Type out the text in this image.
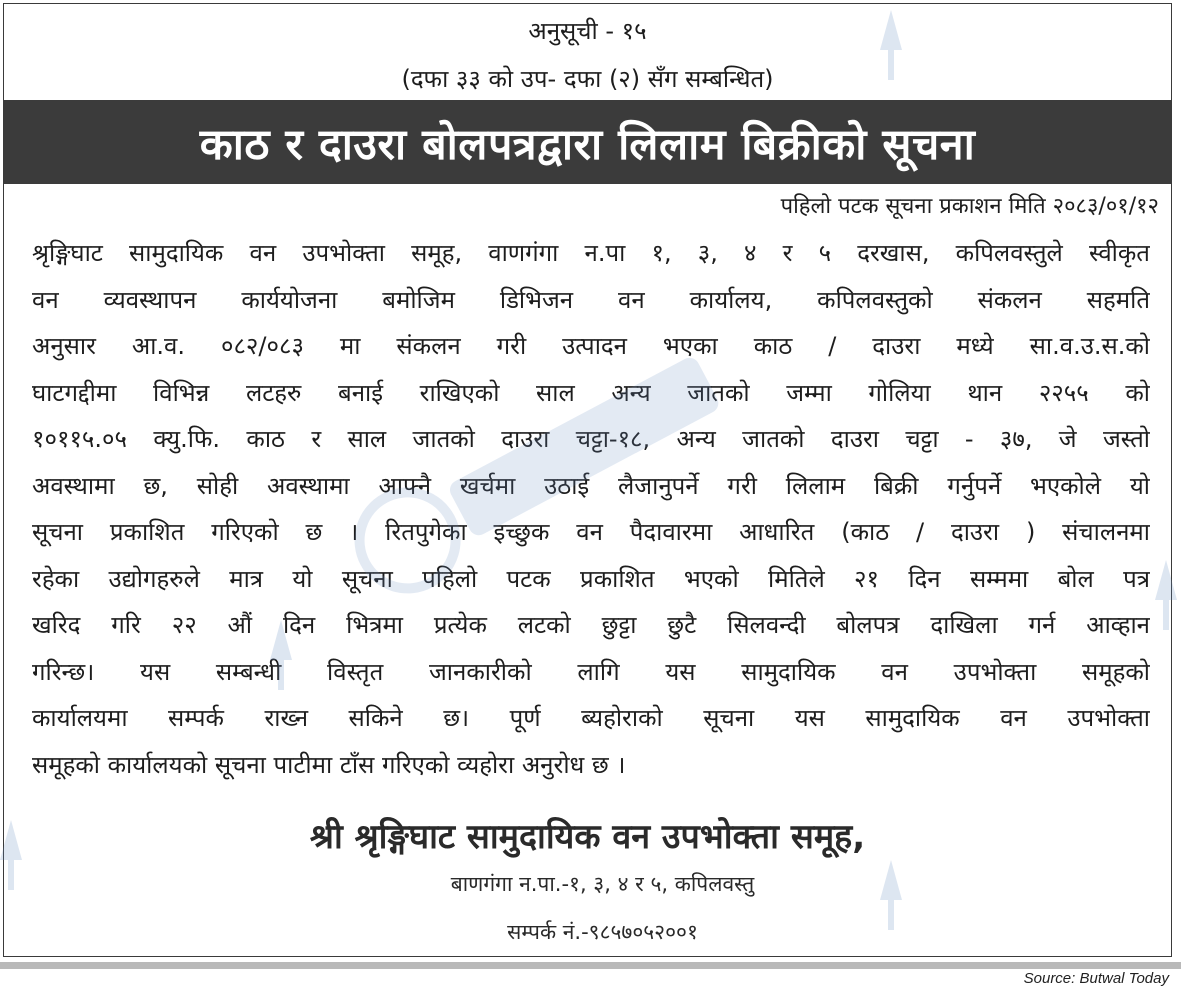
अनुसूची - १५
(दफा ३३ को उप- दफा (२) सँग सम्बन्धित)
काठ र दाउरा बोलपत्रद्वारा लिलाम बिक्रीको सूचना
पहिलो पटक सूचना प्रकाशन मिति २०८३/०१/१२
श्रृङ्गिघाट सामुदायिक वन उपभोक्ता समूह, वाणगंगा न.पा १, ३, ४ र ५ दरखास, कपिलवस्तुले स्वीकृत
वन व्यवस्थापन कार्ययोजना बमोजिम डिभिजन वन कार्यालय, कपिलवस्तुको संकलन सहमति
अनुसार आ.व. ०८२/०८३ मा संकलन गरी उत्पादन भएका काठ / दाउरा मध्ये सा.व.उ.स.को
घाटगद्दीमा विभिन्न लटहरु बनाई राखिएको साल अन्य जातको जम्मा गोलिया थान २२५५ को
१०११५.०५ क्यु.फि. काठ र साल जातको दाउरा चट्टा-१८, अन्य जातको दाउरा चट्टा - ३७, जे जस्तो
अवस्थामा छ, सोही अवस्थामा आफ्नै खर्चमा उठाई लैजानुपर्ने गरी लिलाम बिक्री गर्नुपर्ने भएकोले यो
सूचना प्रकाशित गरिएको छ । रितपुगेका इच्छुक वन पैदावारमा आधारित (काठ / दाउरा ) संचालनमा
रहेका उद्योगहरुले मात्र यो सूचना पहिलो पटक प्रकाशित भएको मितिले २१ दिन सम्ममा बोल पत्र
खरिद गरि २२ औं दिन भित्रमा प्रत्येक लटको छुट्टा छुटै सिलवन्दी बोलपत्र दाखिला गर्न आव्हान
गरिन्छ। यस सम्बन्धी विस्तृत जानकारीको लागि यस सामुदायिक वन उपभोक्ता समूहको
कार्यालयमा सम्पर्क राख्न सकिने छ। पूर्ण ब्यहोराको सूचना यस सामुदायिक वन उपभोक्ता
समूहको कार्यालयको सूचना पाटीमा टाँस गरिएको व्यहोरा अनुरोध छ ।
श्री श्रृङ्गिघाट सामुदायिक वन उपभोक्ता समूह,
बाणगंगा न.पा.-१, ३, ४ र ५, कपिलवस्तु
सम्पर्क नं.-९८५७०५२००१
Source: Butwal Today
